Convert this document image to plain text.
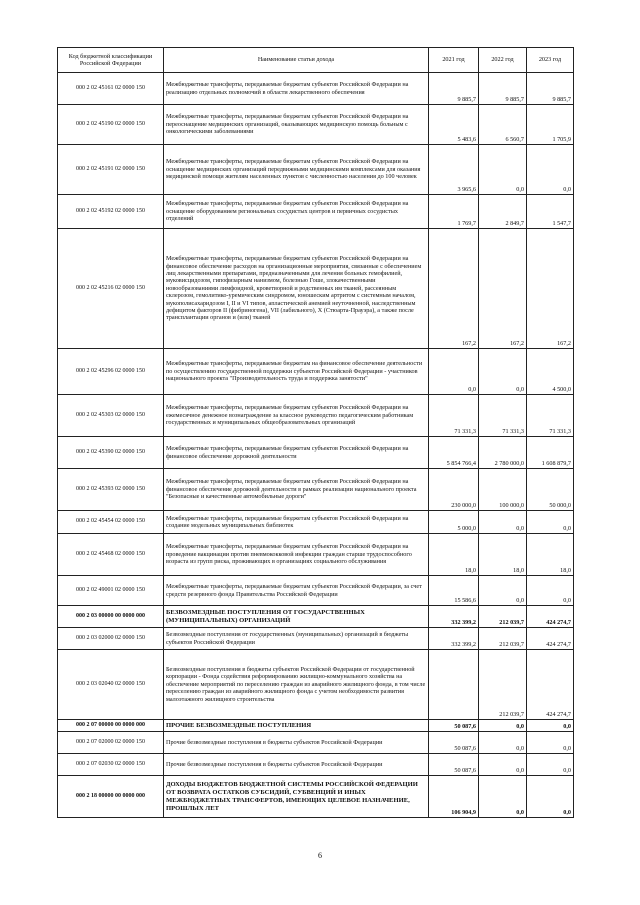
Код бюджетной классификации Российской Федерации	Наименование статьи дохода	2021 год	2022 год	2023 год
000 2 02 45161 02 0000 150	Межбюджетные трансферты, передаваемые бюджетам субъектов Российской Федерации на реализацию отдельных полномочий в области лекарственного обеспечения	9 885,7	9 885,7	9 885,7
000 2 02 45190 02 0000 150	Межбюджетные трансферты, передаваемые бюджетам субъектов Российской Федерации на переоснащение медицинских организаций, оказывающих медицинскую помощь больным с онкологическими заболеваниями	5 483,6	6 560,7	1 705,9
000 2 02 45191 02 0000 150	Межбюджетные трансферты, передаваемые бюджетам субъектов Российской Федерации на оснащение медицинских организаций передвижными медицинскими комплексами для оказания медицинской помощи жителям населенных пунктов с численностью населения до 100 человек	3 965,6	0,0	0,0
000 2 02 45192 02 0000 150	Межбюджетные трансферты, передаваемые бюджетам субъектов Российской Федерации на оснащение оборудованием региональных сосудистых центров и первичных сосудистых отделений	1 769,7	2 849,7	1 547,7
000 2 02 45216 02 0000 150	Межбюджетные трансферты, передаваемые бюджетам субъектов Российской Федерации на финансовое обеспечение расходов на организационные мероприятия, связанные с обеспечением лиц лекарственными препаратами, предназначенными для лечения больных гемофилией, муковисцидозом, гипофизарным нанизмом, болезнью Гоше, злокачественными новообразованиями лимфоидной, кроветворной и родственных им тканей, рассеянным склерозом, гемолитико-уремическим синдромом, юношеским артритом с системным началом, мукополисахаридозом I, II и VI типов, апластической анемией неуточненной, наследственным дефицитом факторов II (фибриногена), VII (лабильного), X (Стюарта-Прауэра), а также после трансплантации органов и (или) тканей	167,2	167,2	167,2
000 2 02 45296 02 0000 150	Межбюджетные трансферты, передаваемые бюджетам на финансовое обеспечение деятельности по осуществлению государственной поддержки субъектов Российской Федерации - участников национального проекта "Производительность труда и поддержка занятости"	0,0	0,0	4 500,0
000 2 02 45303 02 0000 150	Межбюджетные трансферты, передаваемые бюджетам субъектов Российской Федерации на ежемесячное денежное вознаграждение за классное руководство педагогическим работникам государственных и муниципальных общеобразовательных организаций	71 331,3	71 331,3	71 331,3
000 2 02 45390 02 0000 150	Межбюджетные трансферты, передаваемые бюджетам субъектов Российской Федерации на финансовое обеспечение дорожной деятельности	5 854 766,4	2 780 000,0	1 608 879,7
000 2 02 45393 02 0000 150	Межбюджетные трансферты, передаваемые бюджетам субъектов Российской Федерации на финансовое обеспечение дорожной деятельности в рамках реализации национального проекта "Безопасные и качественные автомобильные дороги"	230 000,0	100 000,0	50 000,0
000 2 02 45454 02 0000 150	Межбюджетные трансферты, передаваемые бюджетам субъектов Российской Федерации на создание модельных муниципальных библиотек	5 000,0	0,0	0,0
000 2 02 45468 02 0000 150	Межбюджетные трансферты, передаваемые бюджетам субъектов Российской Федерации на проведение вакцинации против пневмококковой инфекции граждан старше трудоспособного возраста из групп риска, проживающих в организациях социального обслуживания	18,0	18,0	18,0
000 2 02 49001 02 0000 150	Межбюджетные трансферты, передаваемые бюджетам субъектов Российской Федерации, за счет средств резервного фонда Правительства Российской Федерации	15 586,6	0,0	0,0
000 2 03 00000 00 0000 000	БЕЗВОЗМЕЗДНЫЕ ПОСТУПЛЕНИЯ ОТ ГОСУДАРСТВЕННЫХ (МУНИЦИПАЛЬНЫХ) ОРГАНИЗАЦИЙ	332 399,2	212 039,7	424 274,7
000 2 03 02000 02 0000 150	Безвозмездные поступления от государственных (муниципальных) организаций в бюджеты субъектов Российской Федерации	332 399,2	212 039,7	424 274,7
000 2 03 02040 02 0000 150	Безвозмездные поступления в бюджеты субъектов Российской Федерации от государственной корпорации - Фонда содействия реформированию жилищно-коммунального хозяйства на обеспечение мероприятий по переселению граждан из аварийного жилищного фонда, в том числе переселению граждан из аварийного жилищного фонда с учетом необходимости развития малоэтажного жилищного строительства		212 039,7	424 274,7
000 2 07 00000 00 0000 000	ПРОЧИЕ БЕЗВОЗМЕЗДНЫЕ ПОСТУПЛЕНИЯ	50 087,6	0,0	0,0
000 2 07 02000 02 0000 150	Прочие безвозмездные поступления в бюджеты субъектов Российской Федерации	50 087,6	0,0	0,0
000 2 07 02030 02 0000 150	Прочие безвозмездные поступления в бюджеты субъектов Российской Федерации	50 087,6	0,0	0,0
000 2 18 00000 00 0000 000	ДОХОДЫ БЮДЖЕТОВ БЮДЖЕТНОЙ СИСТЕМЫ РОССИЙСКОЙ ФЕДЕРАЦИИ ОТ ВОЗВРАТА ОСТАТКОВ СУБСИДИЙ, СУБВЕНЦИЙ И ИНЫХ МЕЖБЮДЖЕТНЫХ ТРАНСФЕРТОВ, ИМЕЮЩИХ ЦЕЛЕВОЕ НАЗНАЧЕНИЕ, ПРОШЛЫХ ЛЕТ	106 904,9	0,0	0,0
6
